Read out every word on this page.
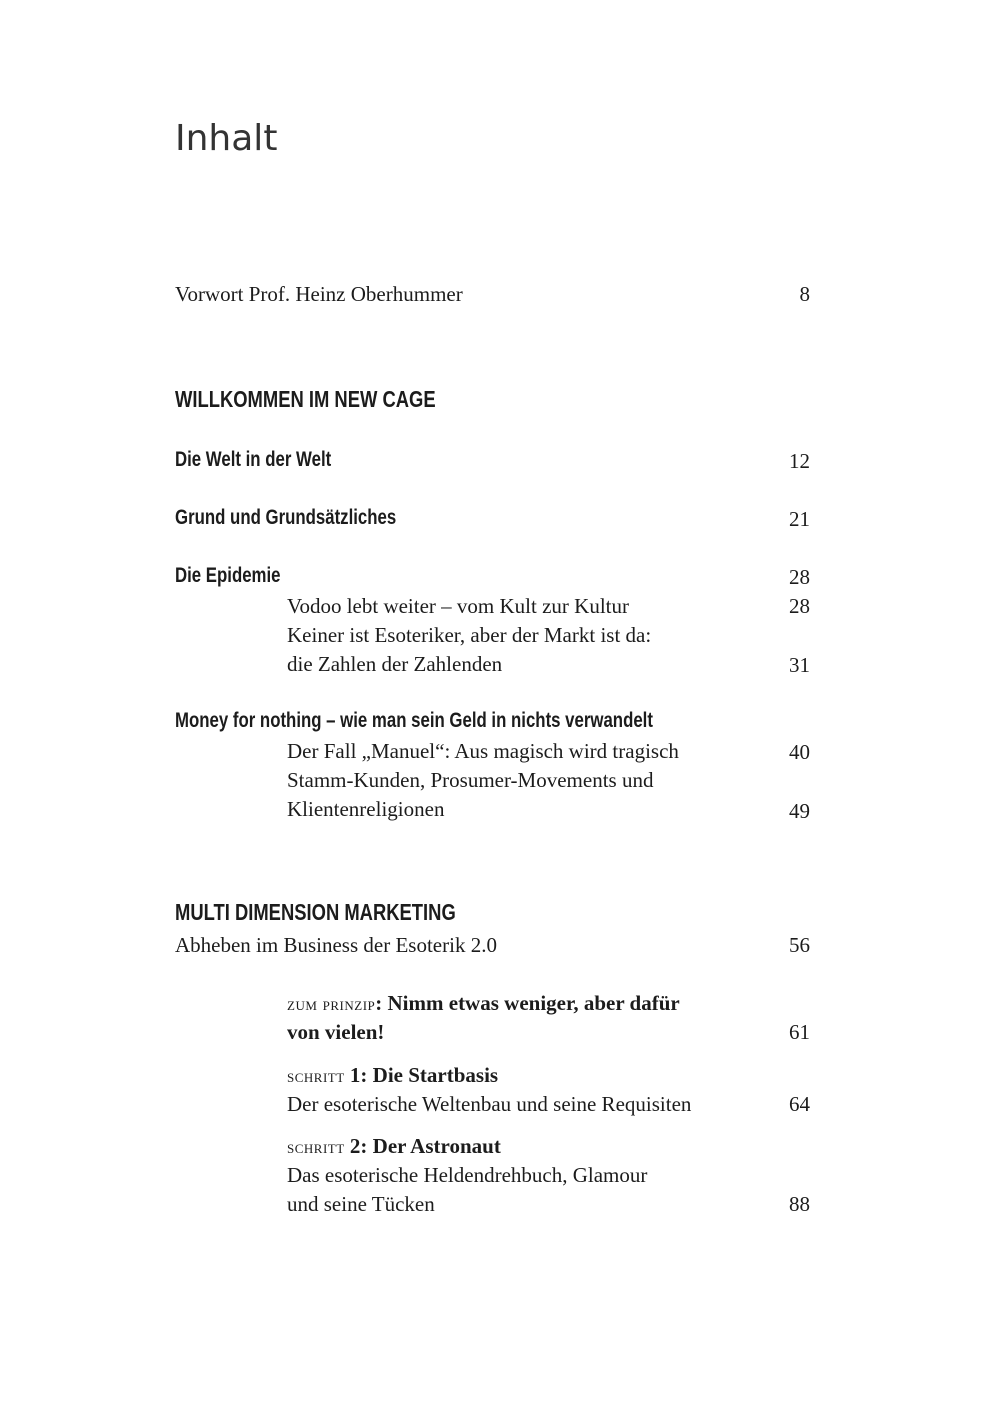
Inhalt
Vorwort Prof. Heinz Oberhummer	8
WILLKOMMEN IM NEW CAGE
Die Welt in der Welt	12
Grund und Grundsätzliches	21
Die Epidemie	28
Vodoo lebt weiter – vom Kult zur Kultur	28
Keiner ist Esoteriker, aber der Markt ist da:
die Zahlen der Zahlenden	31
Money for nothing – wie man sein Geld in nichts verwandelt
Der Fall „Manuel“: Aus magisch wird tragisch	40
Stamm-Kunden, Prosumer-Movements und
Klientenreligionen	49
MULTI DIMENSION MARKETING
Abheben im Business der Esoterik 2.0	56
zum prinzip: Nimm etwas weniger, aber dafür
von vielen!	61
schritt 1: Die Startbasis
Der esoterische Weltenbau und seine Requisiten	64
schritt 2: Der Astronaut
Das esoterische Heldendrehbuch, Glamour
und seine Tücken	88
